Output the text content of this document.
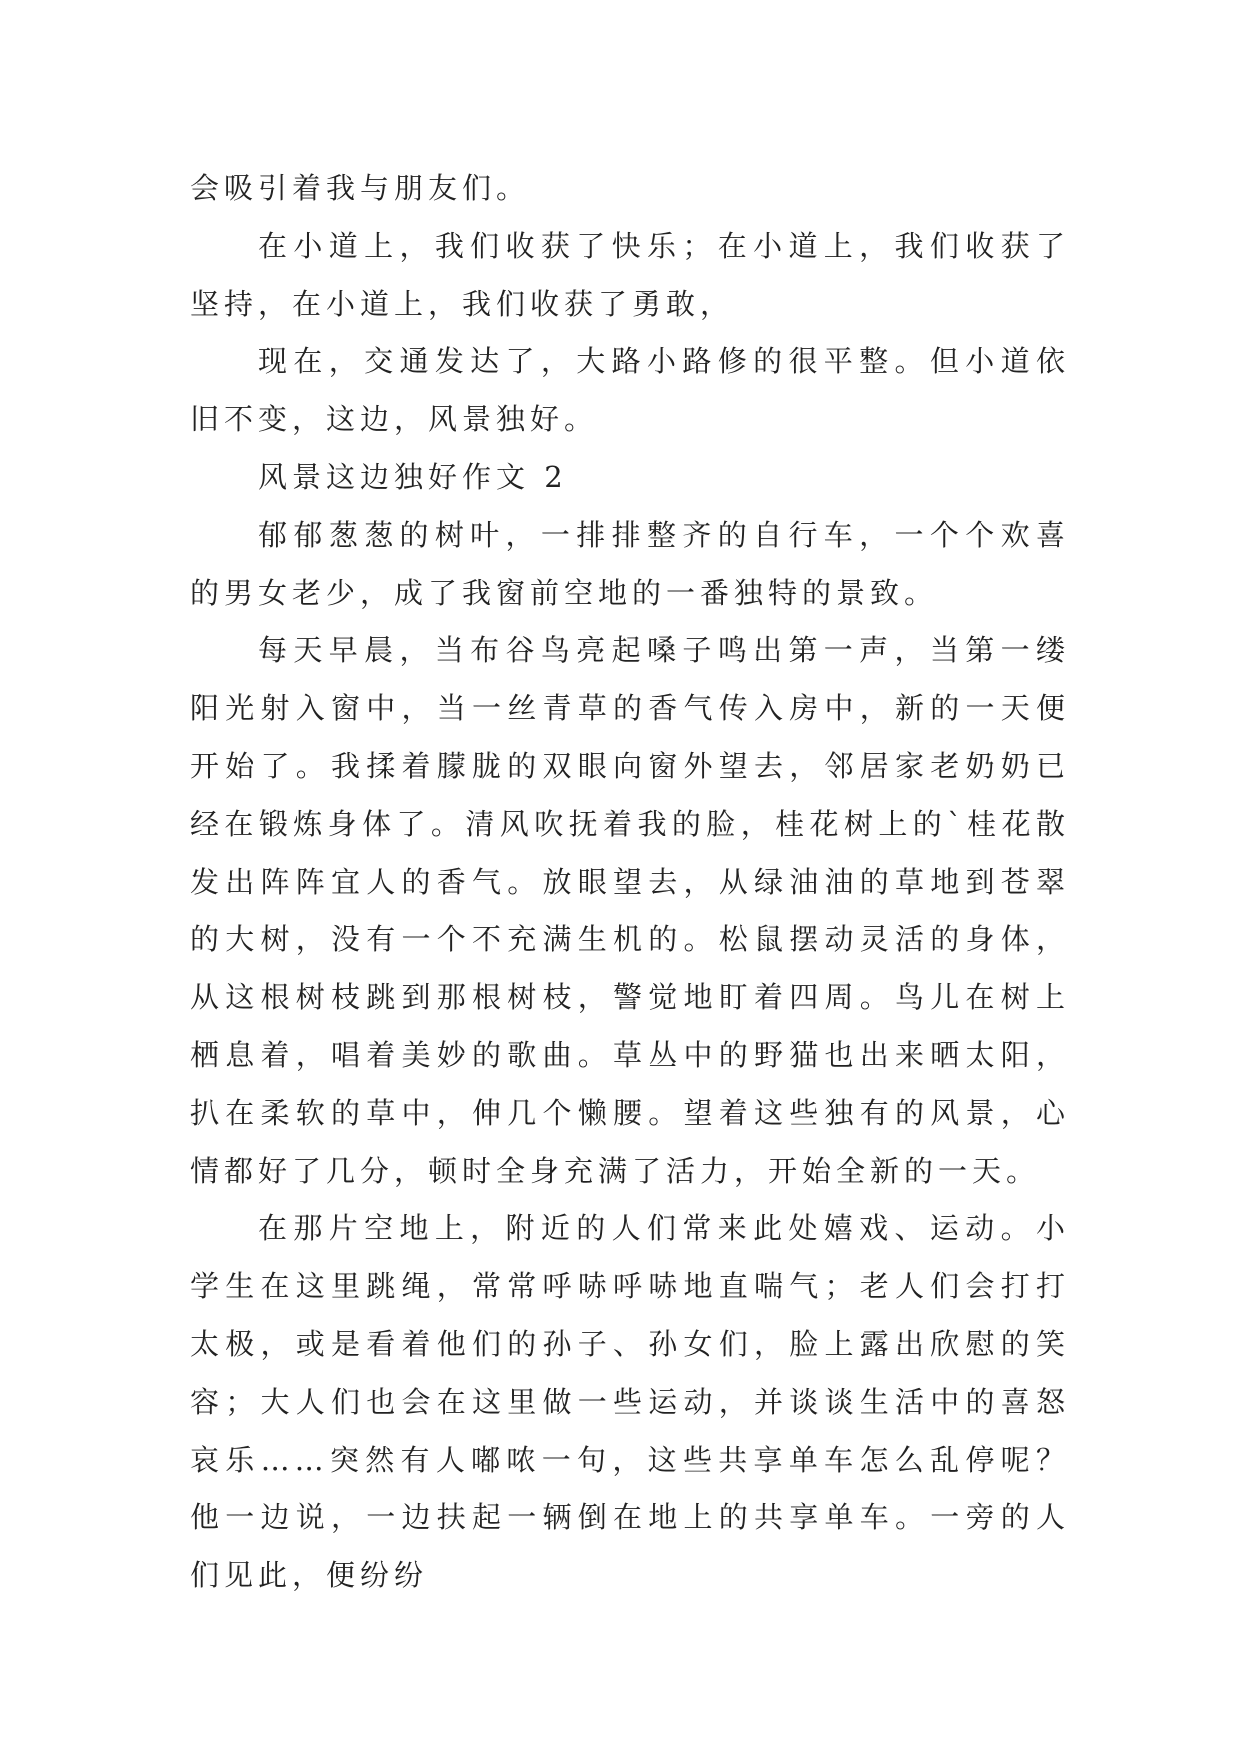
会吸引着我与朋友们。

在小道上，我们收获了快乐；在小道上，我们收获了坚持，在小道上，我们收获了勇敢，

现在，交通发达了，大路小路修的很平整。但小道依旧不变，这边，风景独好。

风景这边独好作文 2

郁郁葱葱的树叶，一排排整齐的自行车，一个个欢喜的男女老少，成了我窗前空地的一番独特的景致。

每天早晨，当布谷鸟亮起嗓子鸣出第一声，当第一缕阳光射入窗中，当一丝青草的香气传入房中，新的一天便开始了。我揉着朦胧的双眼向窗外望去，邻居家老奶奶已经在锻炼身体了。清风吹抚着我的脸，桂花树上的`桂花散发出阵阵宜人的香气。放眼望去，从绿油油的草地到苍翠的大树，没有一个不充满生机的。松鼠摆动灵活的身体，从这根树枝跳到那根树枝，警觉地盯着四周。鸟儿在树上栖息着，唱着美妙的歌曲。草丛中的野猫也出来晒太阳，扒在柔软的草中，伸几个懒腰。望着这些独有的风景，心情都好了几分，顿时全身充满了活力，开始全新的一天。

在那片空地上，附近的人们常来此处嬉戏、运动。小学生在这里跳绳，常常呼哧呼哧地直喘气；老人们会打打太极，或是看着他们的孙子、孙女们，脸上露出欣慰的笑容；大人们也会在这里做一些运动，并谈谈生活中的喜怒哀乐……突然有人嘟哝一句，这些共享单车怎么乱停呢？他一边说，一边扶起一辆倒在地上的共享单车。一旁的人们见此，便纷纷
